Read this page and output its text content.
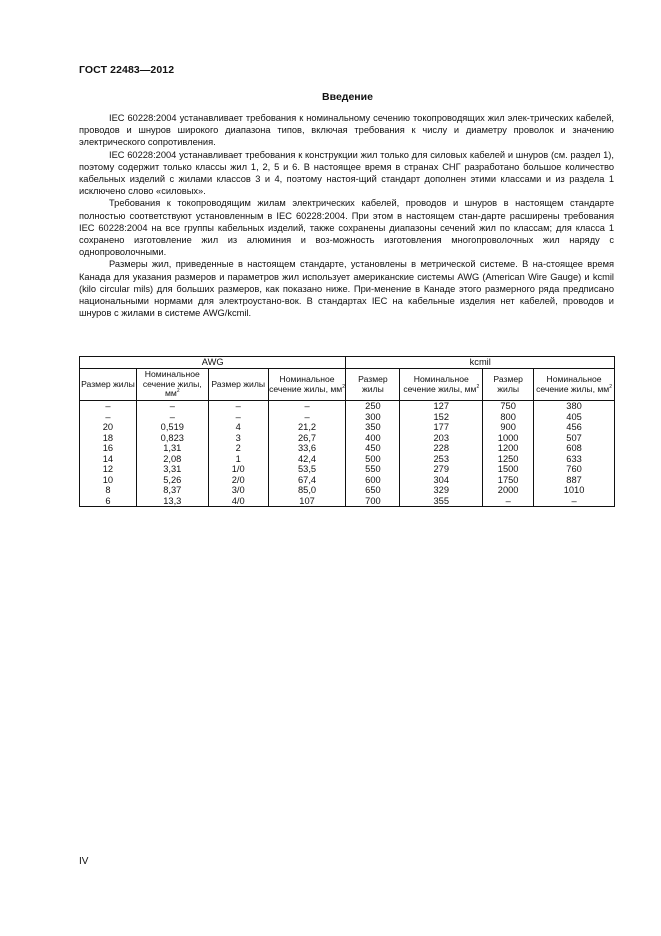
ГОСТ 22483—2012
Введение

IEC 60228:2004 устанавливает требования к номинальному сечению токопроводящих жил элек-трических кабелей, проводов и шнуров широкого диапазона типов, включая требования к числу и диаметру проволок и значению электрического сопротивления.

IEC 60228:2004 устанавливает требования к конструкции жил только для силовых кабелей и шнуров (см. раздел 1), поэтому содержит только классы жил 1, 2, 5 и 6. В настоящее время в странах СНГ разработано большое количество кабельных изделий с жилами классов 3 и 4, поэтому настоя-щий стандарт дополнен этими классами и из раздела 1 исключено слово «силовых».

Требования к токопроводящим жилам электрических кабелей, проводов и шнуров в настоящем стандарте полностью соответствуют установленным в IEC 60228:2004. При этом в настоящем стан-дарте расширены требования IEC 60228:2004 на все группы кабельных изделий, также сохранены диапазоны сечений жил по классам; для класса 1 сохранено изготовление жил из алюминия и воз-можность изготовления многопроволочных жил наряду с однопроволочными.

Размеры жил, приведенные в настоящем стандарте, установлены в метрической системе. В на-стоящее время Канада для указания размеров и параметров жил использует американские системы AWG (American Wire Gauge) и kcmil (kilo circular mils) для больших размеров, как показано ниже. При-менение в Канаде этого размерного ряда предписано национальными нормами для электроустано-вок. В стандартах IEC на кабельные изделия нет кабелей, проводов и шнуров с жилами в системе AWG/kcmil.

AWG				kcmil			
Размер жилы	Номинальное сечение жилы, $мм^2$	Размер жилы	Номинальное сечение жилы, $мм^2$	Размер жилы	Номинальное сечение жилы, $мм^2$	Размер жилы	Номинальное сечение жилы, $мм^2$
–	–	–	–	250	127	750	380
–	–	–	–	300	152	800	405
20	0,519	4	21,2	350	177	900	456
18	0,823	3	26,7	400	203	1000	507
16	1,31	2	33,6	450	228	1200	608
14	2,08	1	42,4	500	253	1250	633
12	3,31	1/0	53,5	550	279	1500	760
10	5,26	2/0	67,4	600	304	1750	887
8	8,37	3/0	85,0	650	329	2000	1010
6	13,3	4/0	107	700	355	–	–
IV
